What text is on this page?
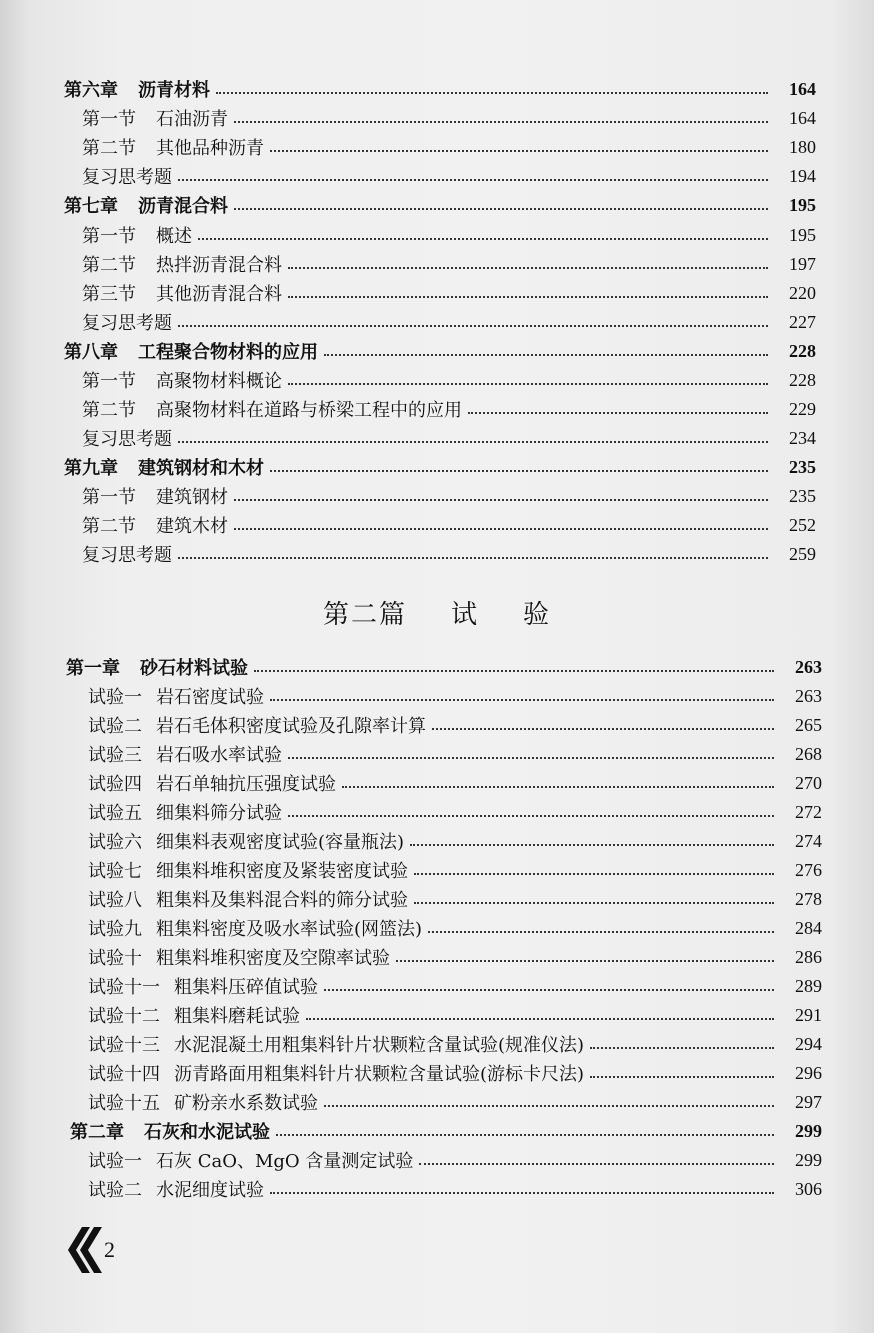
第六章 沥青材料	164
第一节 石油沥青	164
第二节 其他品种沥青	180
复习思考题	194
第七章 沥青混合料	195
第一节 概述	195
第二节 热拌沥青混合料	197
第三节 其他沥青混合料	220
复习思考题	227
第八章 工程聚合物材料的应用	228
第一节 高聚物材料概论	228
第二节 高聚物材料在道路与桥梁工程中的应用	229
复习思考题	234
第九章 建筑钢材和木材	235
第一节 建筑钢材	235
第二节 建筑木材	252
复习思考题	259
第二篇 试 验
第一章 砂石材料试验	263
试验一 岩石密度试验	263
试验二 岩石毛体积密度试验及孔隙率计算	265
试验三 岩石吸水率试验	268
试验四 岩石单轴抗压强度试验	270
试验五 细集料筛分试验	272
试验六 细集料表观密度试验(容量瓶法)	274
试验七 细集料堆积密度及紧装密度试验	276
试验八 粗集料及集料混合料的筛分试验	278
试验九 粗集料密度及吸水率试验(网篮法)	284
试验十 粗集料堆积密度及空隙率试验	286
试验十一 粗集料压碎值试验	289
试验十二 粗集料磨耗试验	291
试验十三 水泥混凝土用粗集料针片状颗粒含量试验(规准仪法)	294
试验十四 沥青路面用粗集料针片状颗粒含量试验(游标卡尺法)	296
试验十五 矿粉亲水系数试验	297
第二章 石灰和水泥试验	299
试验一 石灰 CaO、MgO 含量测定试验	299
试验二 水泥细度试验	306
2
